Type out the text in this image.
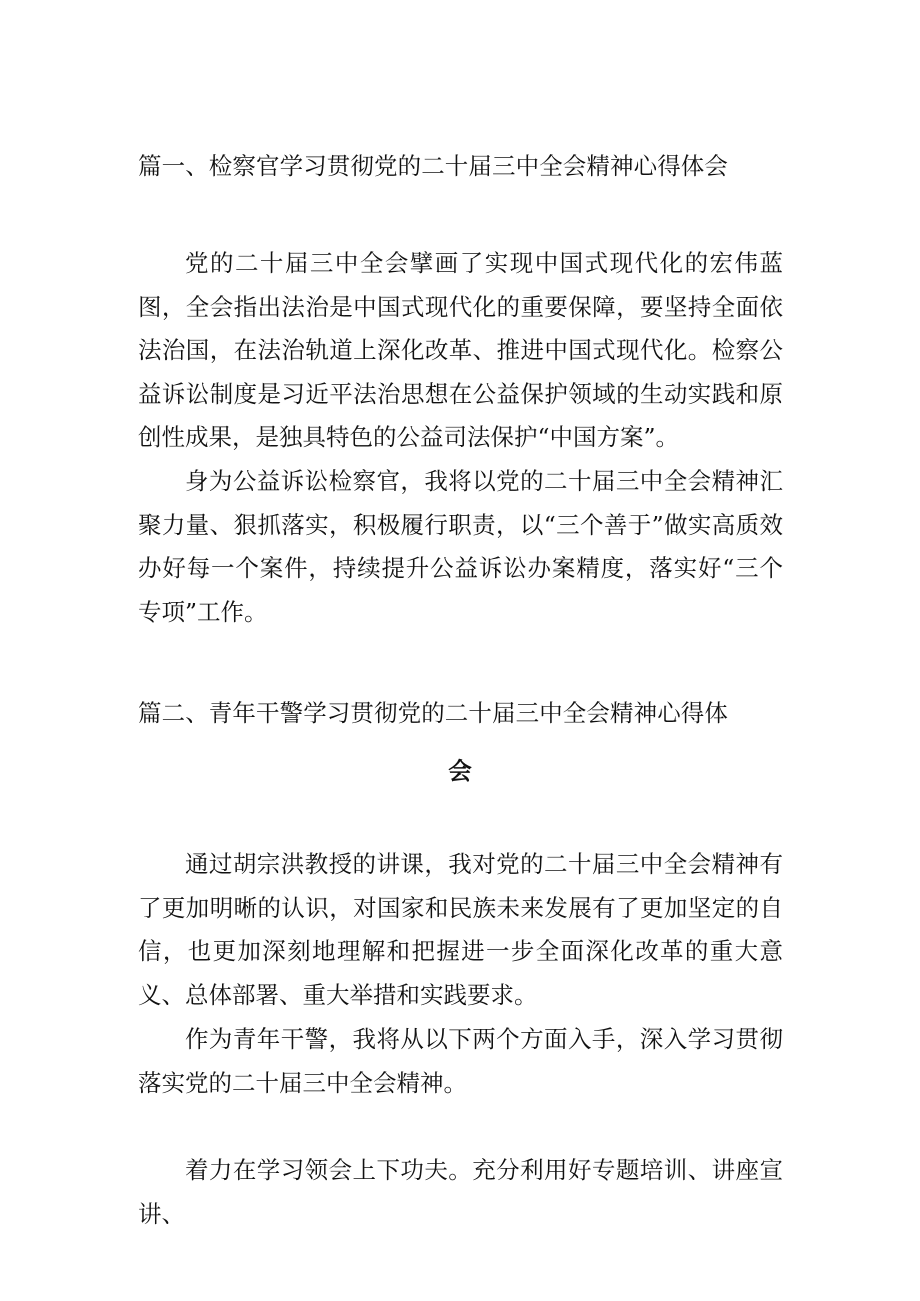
篇一、检察官学习贯彻党的二十届三中全会精神心得体会

党的二十届三中全会擘画了实现中国式现代化的宏伟蓝图，全会指出法治是中国式现代化的重要保障，要坚持全面依法治国，在法治轨道上深化改革、推进中国式现代化。检察公益诉讼制度是习近平法治思想在公益保护领域的生动实践和原创性成果，是独具特色的公益司法保护“中国方案”。

身为公益诉讼检察官，我将以党的二十届三中全会精神汇聚力量、狠抓落实，积极履行职责，以“三个善于”做实高质效办好每一个案件，持续提升公益诉讼办案精度，落实好“三个专项”工作。

篇二、青年干警学习贯彻党的二十届三中全会精神心得体
会

通过胡宗洪教授的讲课，我对党的二十届三中全会精神有了更加明晰的认识，对国家和民族未来发展有了更加坚定的自信，也更加深刻地理解和把握进一步全面深化改革的重大意义、总体部署、重大举措和实践要求。

作为青年干警，我将从以下两个方面入手，深入学习贯彻落实党的二十届三中全会精神。

着力在学习领会上下功夫。充分利用好专题培训、讲座宣讲、
